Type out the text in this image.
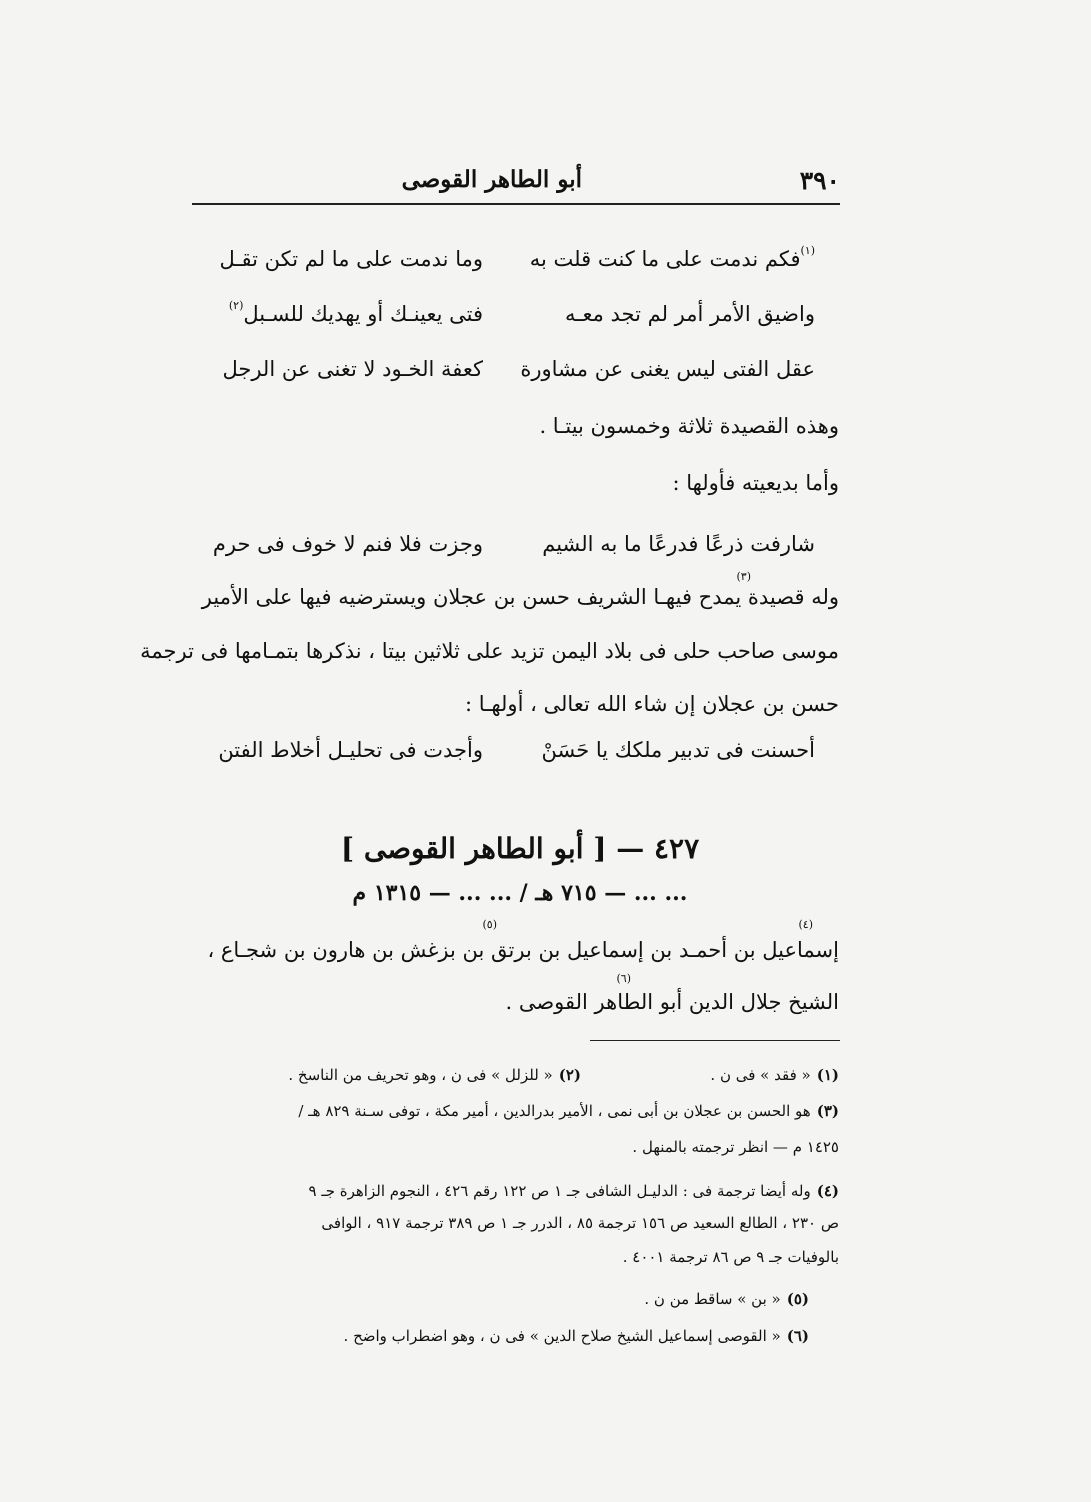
٣٩٠
أبو الطاهر القوصى
$^{(١)}$فكم ندمت على ما كنت قلت به
وما ندمت على ما لم تكن تقـل
واضيق الأمر أمر لم تجد معـه
فتى يعينـك أو يهديك للسـبل$^{(٢)}$
عقل الفتى ليس يغنى عن مشاورة
كعفة الخـود لا تغنى عن الرجل
وهذه القصيدة ثلاثة وخمسون بيتـا .
وأما بديعيته فأولها :
شارفت ذرعًا فدرعًا ما به الشيم
وجزت فلا فنم لا خوف فى حرم
وله قصيدة يمدح فيهـا الشريف حسن بن عجلان ويسترضيه فيها على الأمير
(٣)
موسى صاحب حلى فى بلاد اليمن تزيد على ثلاثين بيتا ، نذكرها بتمـامها فى ترجمة
حسن بن عجلان إن شاء الله تعالى ، أولهـا :
أحسنت فى تدبير ملكك يا حَسَنْ
وأجدت فى تحليـل أخلاط الفتن
٤٢٧ — [ أبو الطاهر القوصى ]
... ... — ٧١٥ هـ / ... ... — ١٣١٥ م
إسماعيل بن أحمـد بن إسماعيل بن برتق بن بزغش بن هارون بن شجـاع ،
(٤)
(٥)
الشيخ جلال الدين أبو الطاهر القوصى .
(٦)
(١)« فقد » فى ن .
(٢)« للزلل » فى ن ، وهو تحريف من الناسخ .
(٣)هو الحسن بن عجلان بن أبى نمى ، الأمير بدرالدين ، أمير مكة ، توفى سـنة ٨٢٩ هـ /
١٤٢٥ م — انظر ترجمته بالمنهل .
(٤)وله أيضا ترجمة فى : الدليـل الشافى جـ ١ ص ١٢٢ رقم ٤٢٦ ، النجوم الزاهرة جـ ٩
ص ٢٣٠ ، الطالع السعيد ص ١٥٦ ترجمة ٨٥ ، الدرر جـ ١ ص ٣٨٩ ترجمة ٩١٧ ، الوافى
بالوفيات جـ ٩ ص ٨٦ ترجمة ٤٠٠١ .
(٥)« بن » ساقط من ن .
(٦)« القوصى إسماعيل الشيخ صلاح الدين » فى ن ، وهو اضطراب واضح .
